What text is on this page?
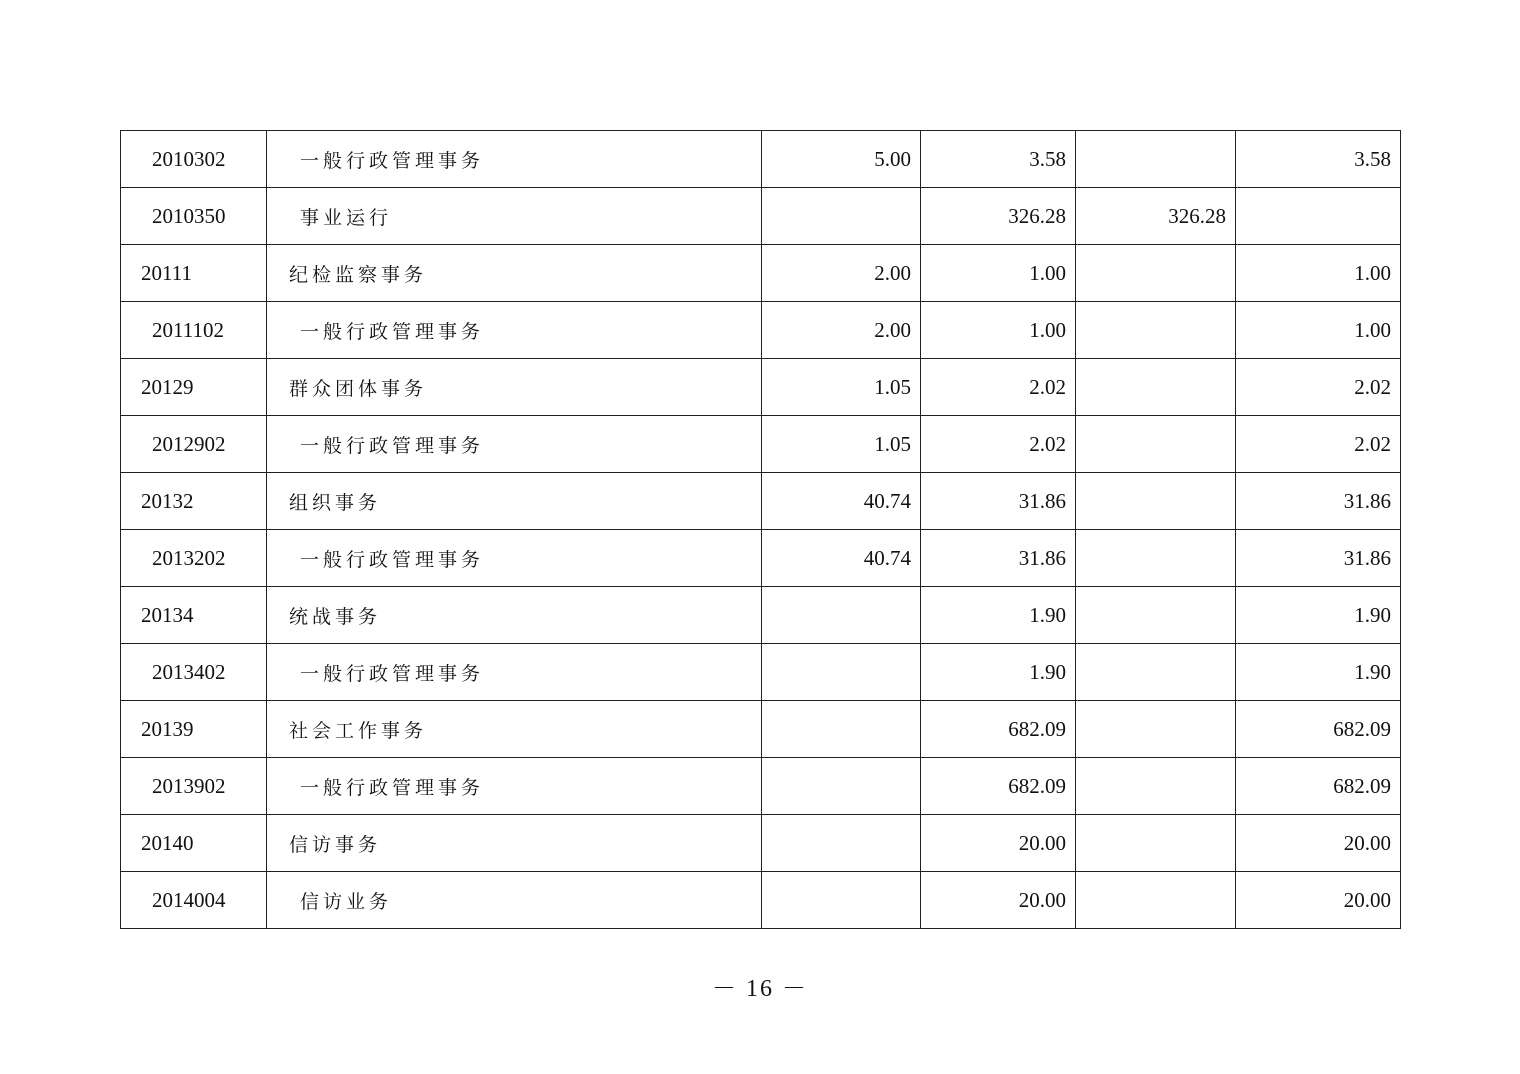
2010302	一般行政管理事务	5.00	3.58		3.58
2010350	事业运行		326.28	326.28	
20111	纪检监察事务	2.00	1.00		1.00
2011102	一般行政管理事务	2.00	1.00		1.00
20129	群众团体事务	1.05	2.02		2.02
2012902	一般行政管理事务	1.05	2.02		2.02
20132	组织事务	40.74	31.86		31.86
2013202	一般行政管理事务	40.74	31.86		31.86
20134	统战事务		1.90		1.90
2013402	一般行政管理事务		1.90		1.90
20139	社会工作事务		682.09		682.09
2013902	一般行政管理事务		682.09		682.09
20140	信访事务		20.00		20.00
2014004	信访业务		20.00		20.00
－ 16 －
